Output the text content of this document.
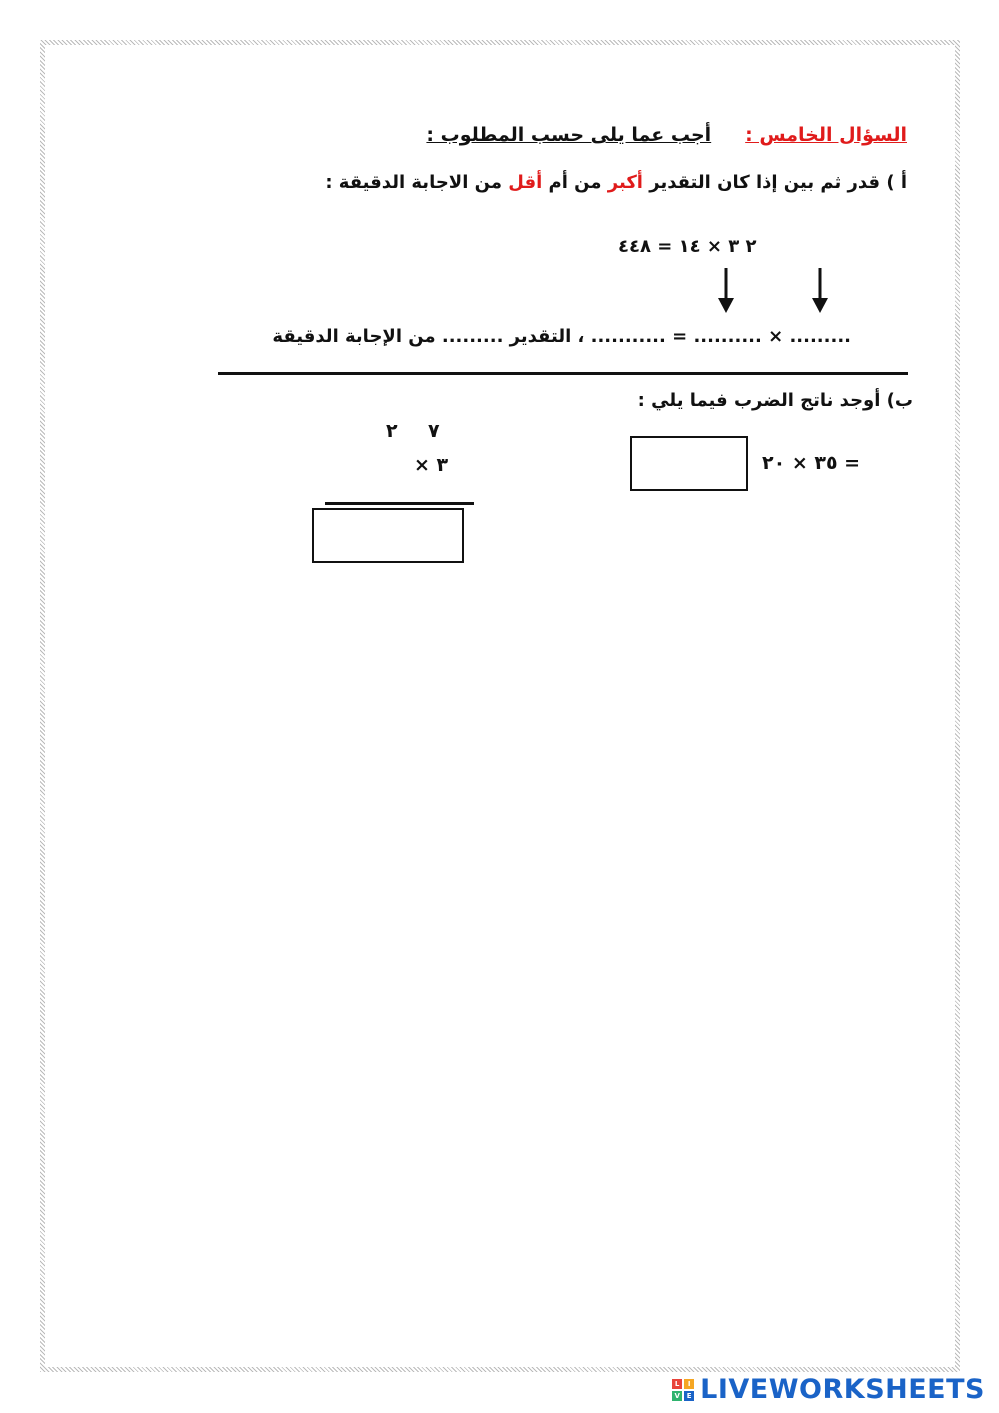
السؤال الخامس :أجب عما يلى حسب المطلوب :
أ ) قدر ثم بين إذا كان التقدير أكبر من أم أقل من الاجابة الدقيقة :
٢ ٣ × ١٤ = ٤٤٨
......... × .......... = ........... ، التقدير ......... من الإجابة الدقيقة
ب) أوجد ناتج الضرب فيما يلي :
٣٥ × ٢٠ =
٧
٢
× ٣
L	I
V E LIVEWORKSHEETS
